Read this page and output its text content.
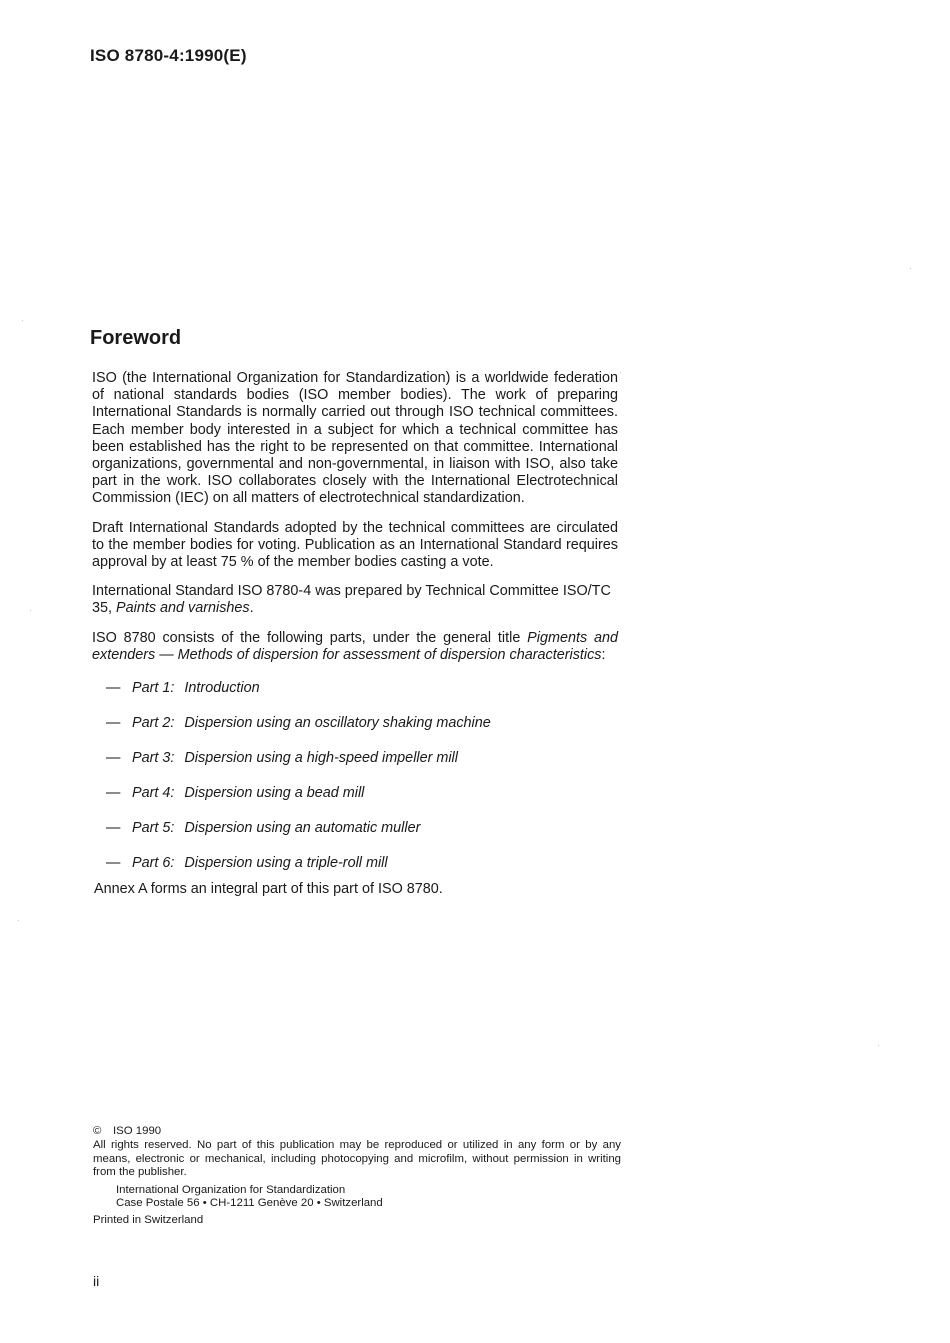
ISO 8780-4:1990(E)
Foreword

ISO (the International Organization for Standardization) is a worldwide federation of national standards bodies (ISO member bodies). The work of preparing International Standards is normally carried out through ISO technical committees. Each member body interested in a subject for which a technical committee has been established has the right to be represented on that committee. International organizations, governmental and non-governmental, in liaison with ISO, also take part in the work. ISO collaborates closely with the International Electrotechnical Commission (IEC) on all matters of electrotechnical standardization.

Draft International Standards adopted by the technical committees are circulated to the member bodies for voting. Publication as an International Standard requires approval by at least 75 % of the member bodies casting a vote.

International Standard ISO 8780-4 was prepared by Technical Committee ISO/TC 35, Paints and varnishes.

ISO 8780 consists of the following parts, under the general title Pigments and extenders — Methods of dispersion for assessment of dispersion characteristics:

— Part 1: Introduction
— Part 2: Dispersion using an oscillatory shaking machine
— Part 3: Dispersion using a high-speed impeller mill
— Part 4: Dispersion using a bead mill
— Part 5: Dispersion using an automatic muller
— Part 6: Dispersion using a triple-roll mill

Annex A forms an integral part of this part of ISO 8780.

© ISO 1990
All rights reserved. No part of this publication may be reproduced or utilized in any form or by any means, electronic or mechanical, including photocopying and microfilm, without permission in writing from the publisher.
International Organization for Standardization
Case Postale 56 • CH-1211 Genève 20 • Switzerland
Printed in Switzerland
ii
